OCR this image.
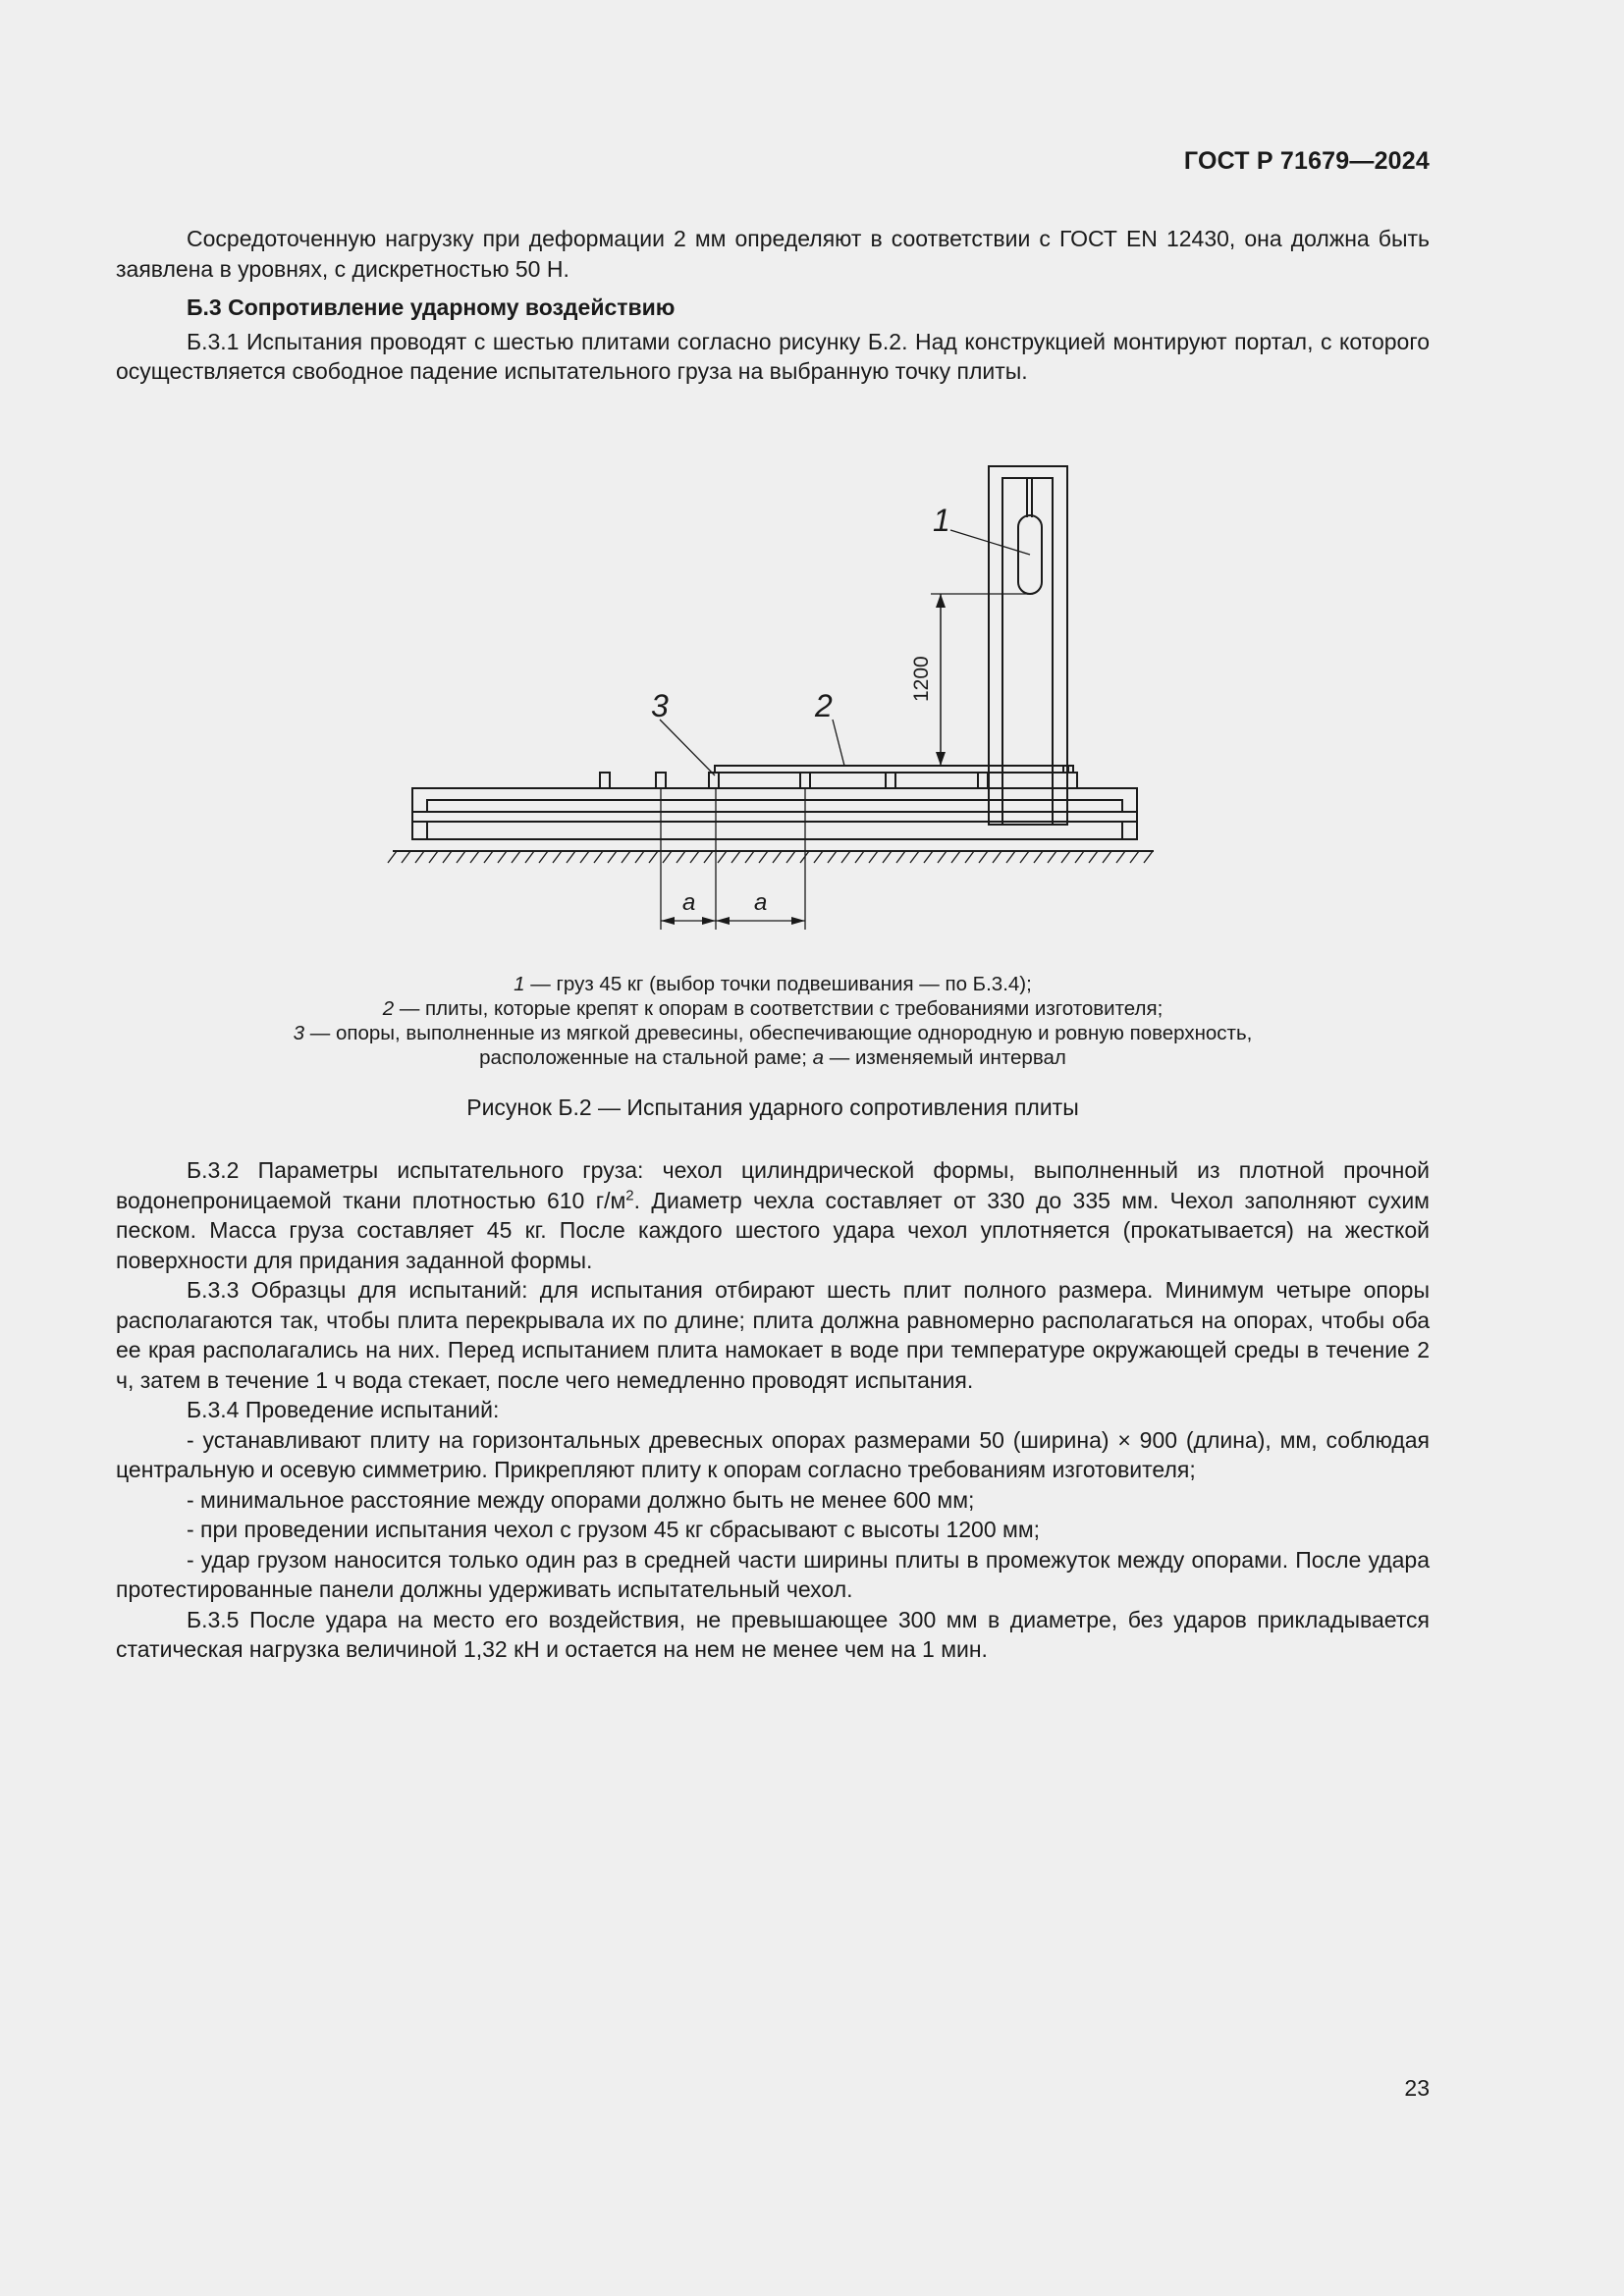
ГОСТ Р 71679—2024

Сосредоточенную нагрузку при деформации 2 мм определяют в соответствии с ГОСТ EN 12430, она должна быть заявлена в уровнях, с дискретностью 50 Н.

Б.3 Сопротивление ударному воздействию

Б.3.1 Испытания проводят с шестью плитами согласно рисунку Б.2. Над конструкцией монтируют портал, с которого осуществляется свободное падение испытательного груза на выбранную точку плиты.

1
2
3
a a
1200
1 — груз 45 кг (выбор точки подвешивания — по Б.3.4);
2 — плиты, которые крепят к опорам в соответствии с требованиями изготовителя;
3 — опоры, выполненные из мягкой древесины, обеспечивающие однородную и ровную поверхность,
расположенные на стальной раме; a — изменяемый интервал
Рисунок Б.2 — Испытания ударного сопротивления плиты

Б.3.2 Параметры испытательного груза: чехол цилиндрической формы, выполненный из плотной прочной водонепроницаемой ткани плотностью 610 $г/м^2$. Диаметр чехла составляет от 330 до 335 мм. Чехол заполняют сухим песком. Масса груза составляет 45 кг. После каждого шестого удара чехол уплотняется (прокатывается) на жесткой поверхности для придания заданной формы.

Б.3.3 Образцы для испытаний: для испытания отбирают шесть плит полного размера. Минимум четыре опоры располагаются так, чтобы плита перекрывала их по длине; плита должна равномерно располагаться на опорах, чтобы оба ее края располагались на них. Перед испытанием плита намокает в воде при температуре окружающей среды в течение 2 ч, затем в течение 1 ч вода стекает, после чего немедленно проводят испытания.

Б.3.4 Проведение испытаний:

- устанавливают плиту на горизонтальных древесных опорах размерами 50 (ширина) × 900 (длина), мм, соблюдая центральную и осевую симметрию. Прикрепляют плиту к опорам согласно требованиям изготовителя;

- минимальное расстояние между опорами должно быть не менее 600 мм;

- при проведении испытания чехол с грузом 45 кг сбрасывают с высоты 1200 мм;

- удар грузом наносится только один раз в средней части ширины плиты в промежуток между опорами. После удара протестированные панели должны удерживать испытательный чехол.

Б.3.5 После удара на место его воздействия, не превышающее 300 мм в диаметре, без ударов прикладывается статическая нагрузка величиной 1,32 кН и остается на нем не менее чем на 1 мин.

23
